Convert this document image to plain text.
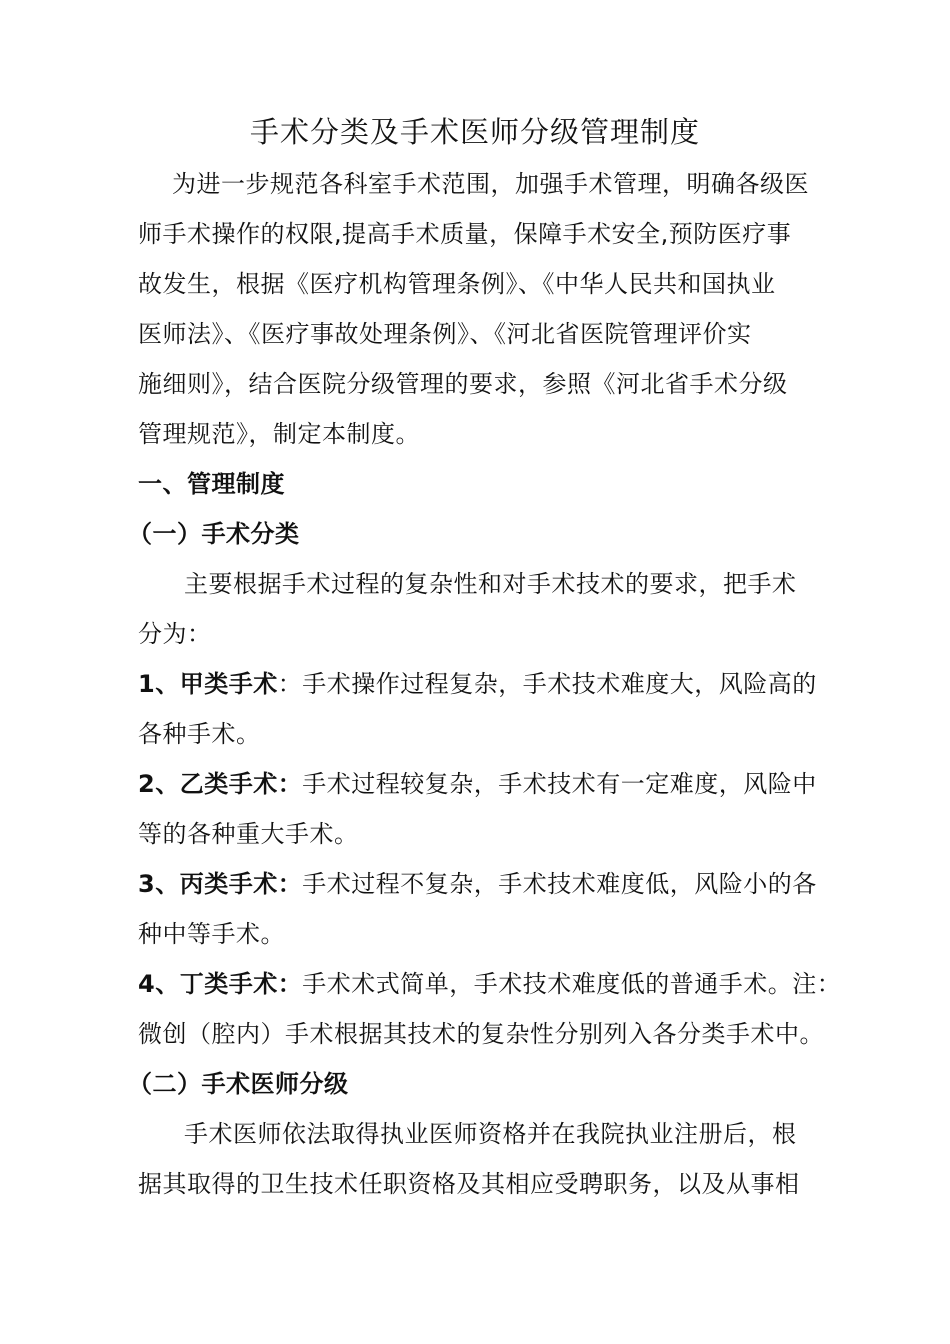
手术分类及手术医师分级管理制度
为进一步规范各科室手术范围，加强手术管理，明确各级医
师手术操作的权限,提高手术质量，保障手术安全,预防医疗事
故发生，根据《医疗机构管理条例》、《中华人民共和国执业
医师法》、《医疗事故处理条例》、《河北省医院管理评价实
施细则》，结合医院分级管理的要求，参照《河北省手术分级
管理规范》，制定本制度。
一、管理制度
（一）手术分类
主要根据手术过程的复杂性和对手术技术的要求，把手术
分为：
1、甲类手术：手术操作过程复杂，手术技术难度大，风险高的
各种手术。
2、乙类手术：手术过程较复杂，手术技术有一定难度，风险中
等的各种重大手术。
3、丙类手术：手术过程不复杂，手术技术难度低，风险小的各
种中等手术。
4、丁类手术：手术术式简单，手术技术难度低的普通手术。注：
微创（腔内）手术根据其技术的复杂性分别列入各分类手术中。
（二）手术医师分级
手术医师依法取得执业医师资格并在我院执业注册后，根
据其取得的卫生技术任职资格及其相应受聘职务，以及从事相
